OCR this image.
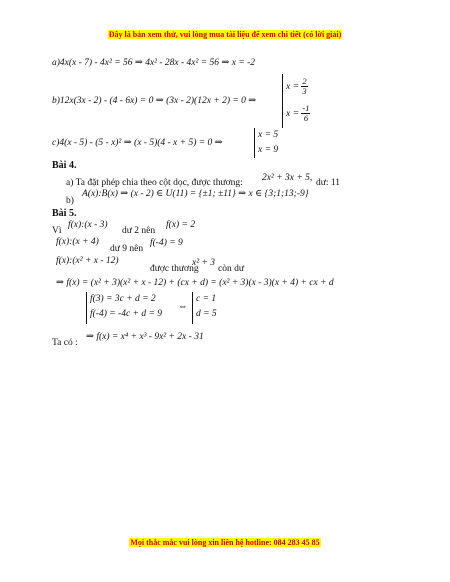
Đây là bản xem thử, vui lòng mua tài liệu để xem chi tiết (có lời giải)
a)4x(x - 7) - 4x² = 56 ⇒ 4x² - 28x - 4x² = 56 ⇒ x = -2
b)12x(3x - 2) - (4 - 6x) = 0 ⇒ (3x - 2)(12x + 2) = 0 ⇒
$x = \frac{2}{3}$
$x = \frac{-1}{6}$
c)4(x - 5) - (5 - x)² ⇒ (x - 5)(4 - x + 5) = 0 ⇒
x = 5
x = 9
Bài 4.
a) Ta đặt phép chia theo cột dọc, được thương: 2x² + 3x + 5, dư: 11
b)
A(x):B(x) ⇒ (x - 2) ∈ U(11) = {±1; ±11} ⇒ x ∈ {3;1;13;-9}
Bài 5.
Vì
f(x):(x - 3)
dư 2 nên
f(x) = 2
f(x):(x + 4)
dư 9 nên
f(-4) = 9
f(x):(x² + x - 12)
được thương
x² + 3
còn dư
⇒ f(x) = (x² + 3)(x² + x - 12) + (cx + d) = (x² + 3)(x - 3)(x + 4) + cx + d
f(3) = 3c + d = 2
f(-4) = -4c + d = 9
⇔
c = 1
d = 5
Ta có :
⇒ f(x) = x⁴ + x³ - 9x² + 2x - 31
Mọi thắc mắc vui lòng xin liên hệ hotline: 084 283 45 85
